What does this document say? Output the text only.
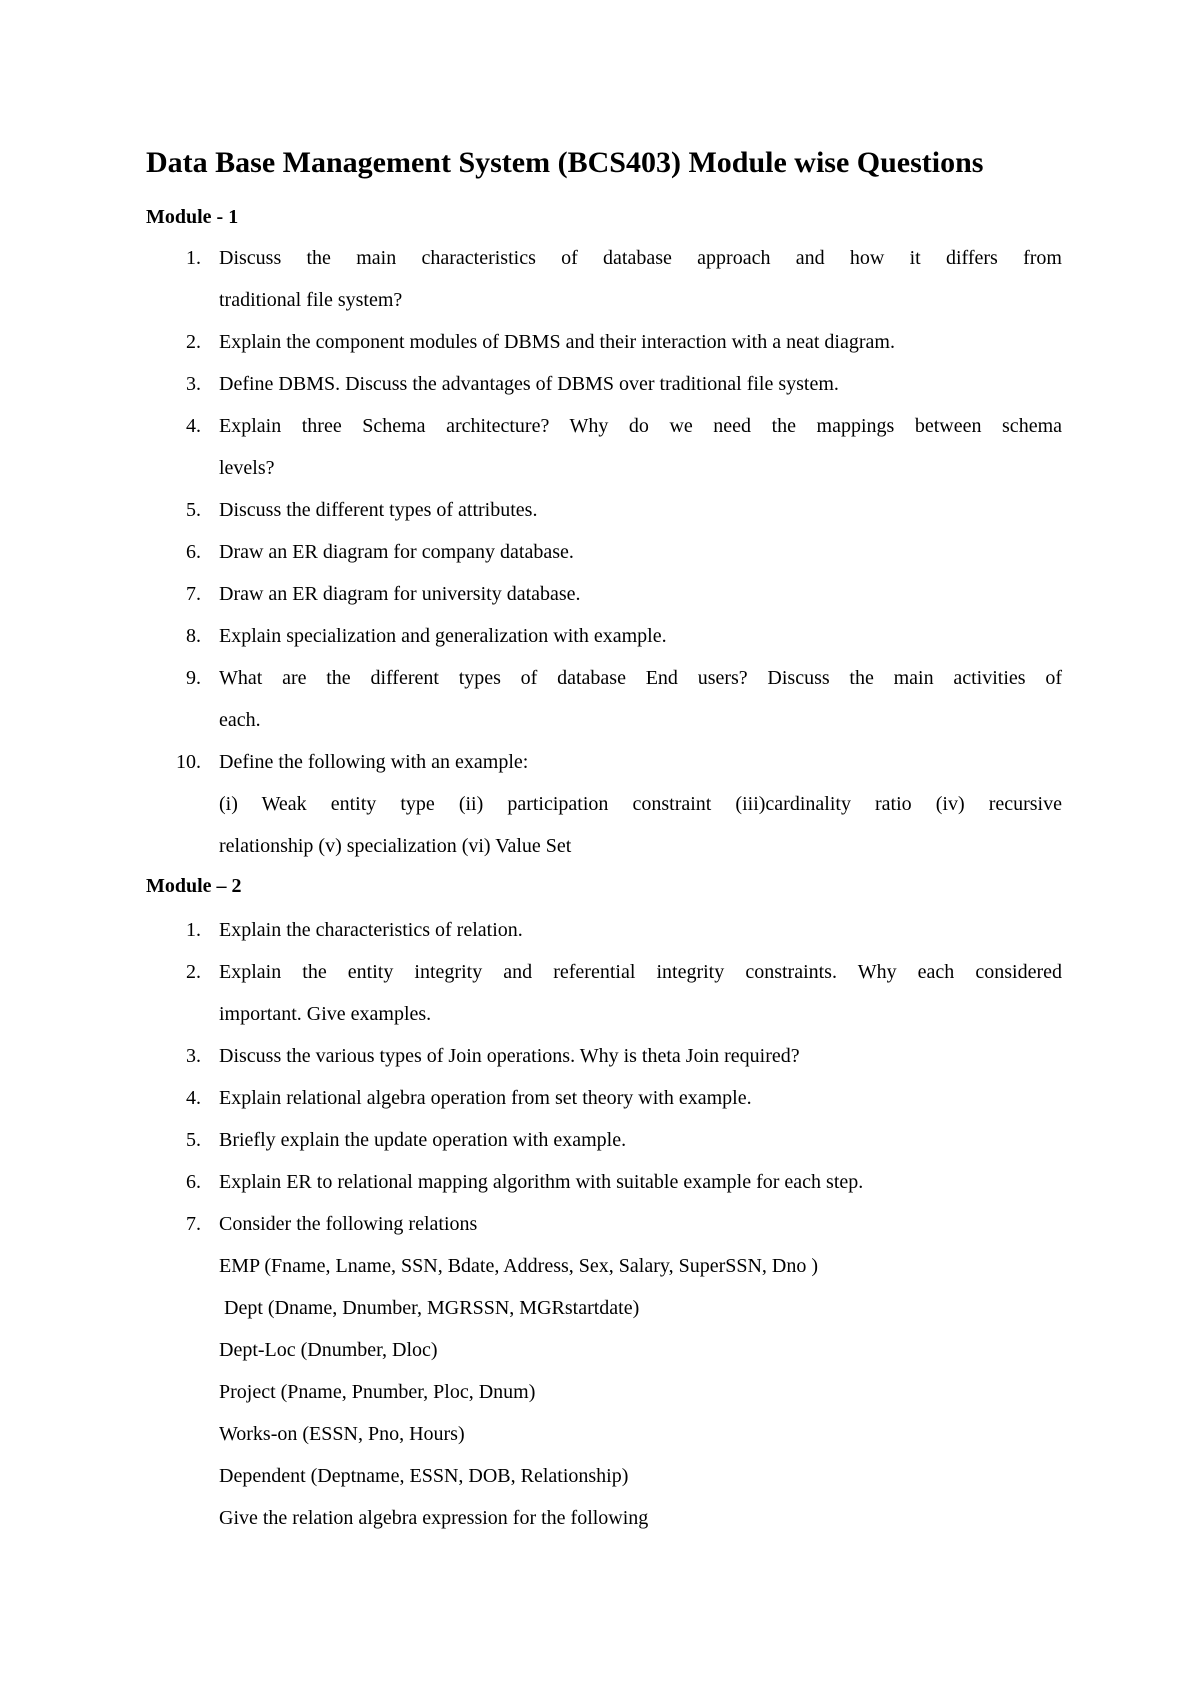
Data Base Management System (BCS403) Module wise Questions
Module - 1
1. Discuss the main characteristics of database approach and how it differs from
traditional file system?
2. Explain the component modules of DBMS and their interaction with a neat diagram.
3. Define DBMS. Discuss the advantages of DBMS over traditional file system.
4. Explain three Schema architecture? Why do we need the mappings between schema
levels?
5. Discuss the different types of attributes.
6. Draw an ER diagram for company database.
7. Draw an ER diagram for university database.
8. Explain specialization and generalization with example.
9. What are the different types of database End users? Discuss the main activities of
each.
10. Define the following with an example:
(i) Weak entity type (ii) participation constraint (iii)cardinality ratio (iv) recursive
relationship (v) specialization (vi) Value Set
Module – 2
1. Explain the characteristics of relation.
2. Explain the entity integrity and referential integrity constraints. Why each considered
important. Give examples.
3. Discuss the various types of Join operations. Why is theta Join required?
4. Explain relational algebra operation from set theory with example.
5. Briefly explain the update operation with example.
6. Explain ER to relational mapping algorithm with suitable example for each step.
7. Consider the following relations
EMP (Fname, Lname, SSN, Bdate, Address, Sex, Salary, SuperSSN, Dno )
Dept (Dname, Dnumber, MGRSSN, MGRstartdate)
Dept-Loc (Dnumber, Dloc)
Project (Pname, Pnumber, Ploc, Dnum)
Works-on (ESSN, Pno, Hours)
Dependent (Deptname, ESSN, DOB, Relationship)
Give the relation algebra expression for the following
